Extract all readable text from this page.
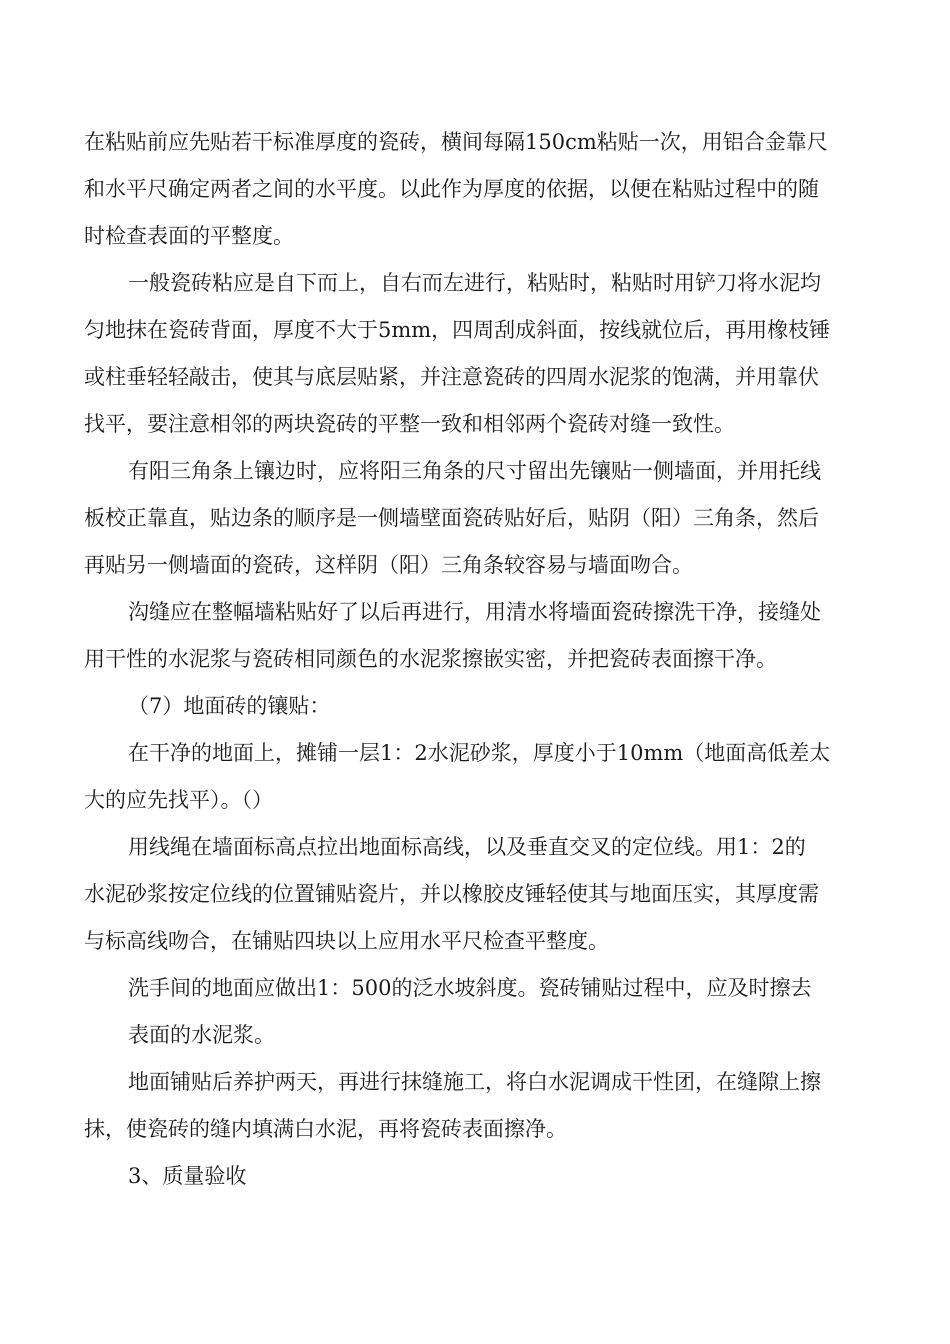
在粘贴前应先贴若干标准厚度的瓷砖，横间每隔150cm粘贴一次，用铝合金靠尺
和水平尺确定两者之间的水平度。以此作为厚度的依据，以便在粘贴过程中的随
时检查表面的平整度。
一般瓷砖粘应是自下而上，自右而左进行，粘贴时，粘贴时用铲刀将水泥均
匀地抹在瓷砖背面，厚度不大于5mm，四周刮成斜面，按线就位后，再用橡枝锤
或柱垂轻轻敲击，使其与底层贴紧，并注意瓷砖的四周水泥浆的饱满，并用靠伏
找平，要注意相邻的两块瓷砖的平整一致和相邻两个瓷砖对缝一致性。
有阳三角条上镶边时，应将阳三角条的尺寸留出先镶贴一侧墙面，并用托线
板校正靠直，贴边条的顺序是一侧墙壁面瓷砖贴好后，贴阴（阳）三角条，然后
再贴另一侧墙面的瓷砖，这样阴（阳）三角条较容易与墙面吻合。
沟缝应在整幅墙粘贴好了以后再进行，用清水将墙面瓷砖擦洗干净，接缝处
用干性的水泥浆与瓷砖相同颜色的水泥浆擦嵌实密，并把瓷砖表面擦干净。
（7）地面砖的镶贴：
在干净的地面上，摊铺一层1：2水泥砂浆，厚度小于10mm（地面高低差太
大的应先找平）。（）
用线绳在墙面标高点拉出地面标高线，以及垂直交叉的定位线。用1：2的
水泥砂浆按定位线的位置铺贴瓷片，并以橡胶皮锤轻使其与地面压实，其厚度需
与标高线吻合，在铺贴四块以上应用水平尺检查平整度。
洗手间的地面应做出1：500的泛水坡斜度。瓷砖铺贴过程中，应及时擦去
表面的水泥浆。
地面铺贴后养护两天，再进行抹缝施工，将白水泥调成干性团，在缝隙上擦
抹，使瓷砖的缝内填满白水泥，再将瓷砖表面擦净。
3、质量验收
